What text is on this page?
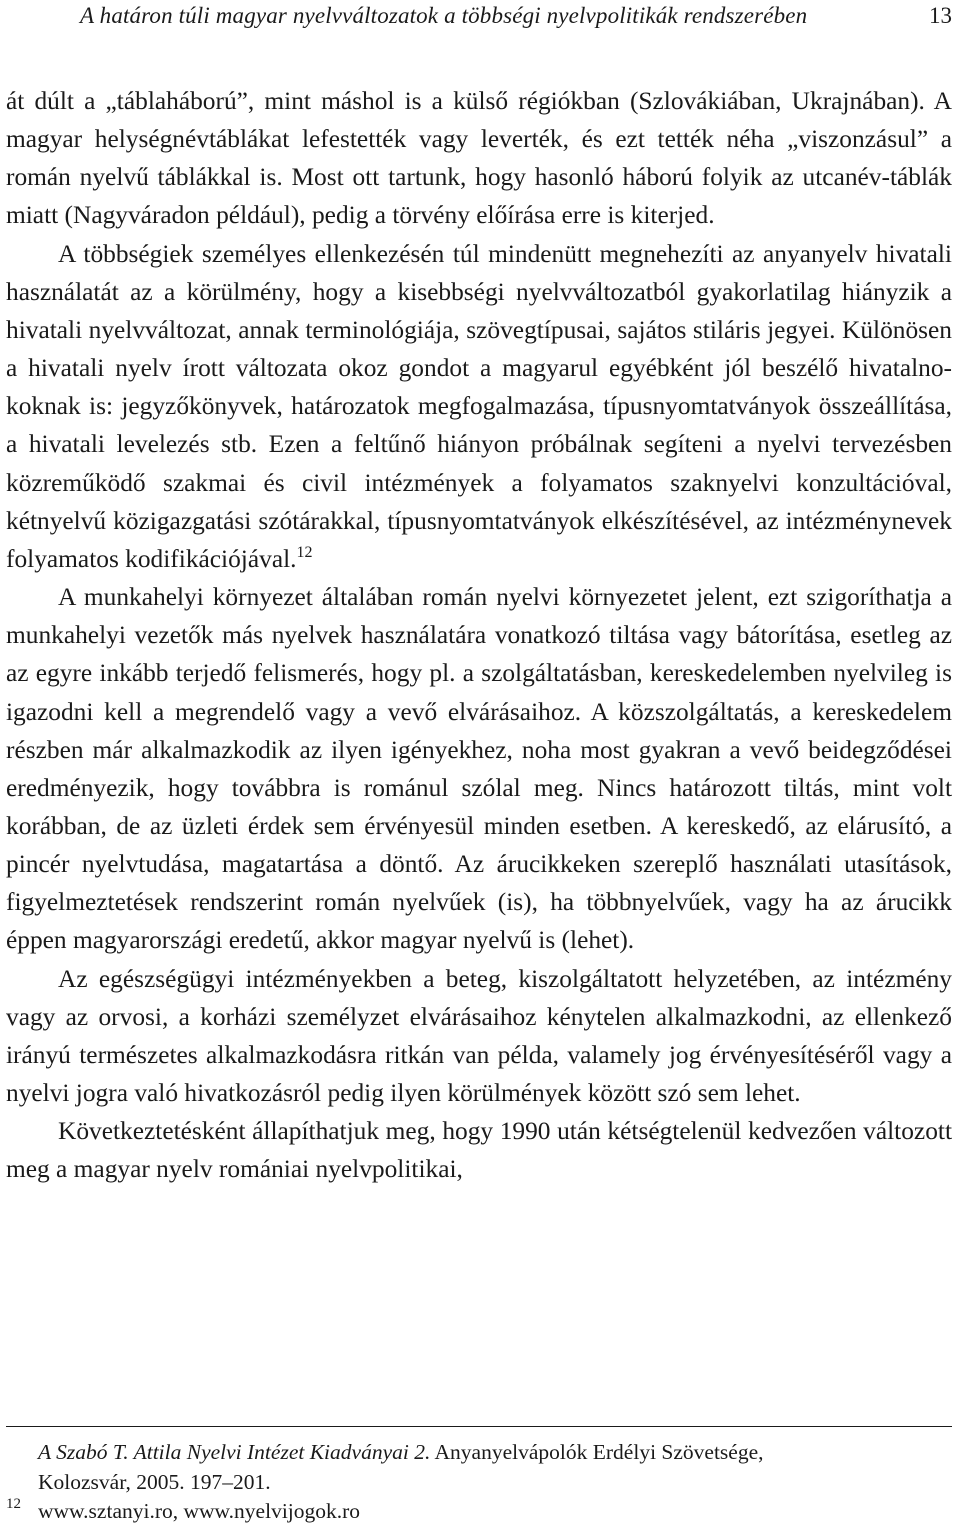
A határon túli magyar nyelvváltozatok a többségi nyelvpolitikák rendszerében	13

át dúlt a „táblaháború”, mint máshol is a külső régiókban (Szlovákiában, Ukrajnában). A magyar helységnévtáblákat lefestették vagy leverték, és ezt tették néha „viszonzásul” a román nyelvű táblákkal is. Most ott tartunk, hogy hasonló háború folyik az utcanév-táblák miatt (Nagyváradon például), pedig a törvény előírása erre is kiterjed.

A többségiek személyes ellenkezésén túl mindenütt megnehezíti az anyanyelv hivatali használatát az a körülmény, hogy a kisebbségi nyelvváltozatból gyakorlatilag hiányzik a hivatali nyelvváltozat, annak terminológiája, szövegtípusai, sajátos stiláris jegyei. Különösen a hivatali nyelv írott változata okoz gondot a magyarul egyébként jól beszélő hivatalnokoknak is: jegyzőkönyvek, határozatok megfogalmazása, típusnyomtatványok összeállítása, a hivatali levelezés stb. Ezen a feltűnő hiányon próbálnak segíteni a nyelvi tervezésben közreműködő szakmai és civil intézmények a folyamatos szaknyelvi konzultációval, kétnyelvű közigazgatási szótárakkal, típusnyomtatványok elkészítésével, az intézménynevek folyamatos kodifikációjával.$^{12}$

A munkahelyi környezet általában román nyelvi környezetet jelent, ezt szigoríthatja a munkahelyi vezetők más nyelvek használatára vonatkozó tiltása vagy bátorítása, esetleg az az egyre inkább terjedő felismerés, hogy pl. a szolgáltatásban, kereskedelemben nyelvileg is igazodni kell a megrendelő vagy a vevő elvárásaihoz. A közszolgáltatás, a kereskedelem részben már alkalmazkodik az ilyen igényekhez, noha most gyakran a vevő beidegződései eredményezik, hogy továbbra is románul szólal meg. Nincs határozott tiltás, mint volt korábban, de az üzleti érdek sem érvényesül minden esetben. A kereskedő, az elárusító, a pincér nyelvtudása, magatartása a döntő. Az árucikkeken szereplő használati utasítások, figyelmeztetések rendszerint román nyelvűek (is), ha többnyelvűek, vagy ha az árucikk éppen magyarországi eredetű, akkor magyar nyelvű is (lehet).

Az egészségügyi intézményekben a beteg, kiszolgáltatott helyzetében, az intézmény vagy az orvosi, a korházi személyzet elvárásaihoz kénytelen alkalmazkodni, az ellenkező irányú természetes alkalmazkodásra ritkán van példa, valamely jog érvényesítéséről vagy a nyelvi jogra való hivatkozásról pedig ilyen körülmények között szó sem lehet.

Következtetésként állapíthatjuk meg, hogy 1990 után kétségtelenül kedvezően változott meg a magyar nyelv romániai nyelvpolitikai,

12
A Szabó T. Attila Nyelvi Intézet Kiadványai 2. Anyanyelvápolók Erdélyi Szövetsége,
Kolozsvár, 2005. 197–201.
www.sztanyi.ro, www.nyelvijogok.ro
